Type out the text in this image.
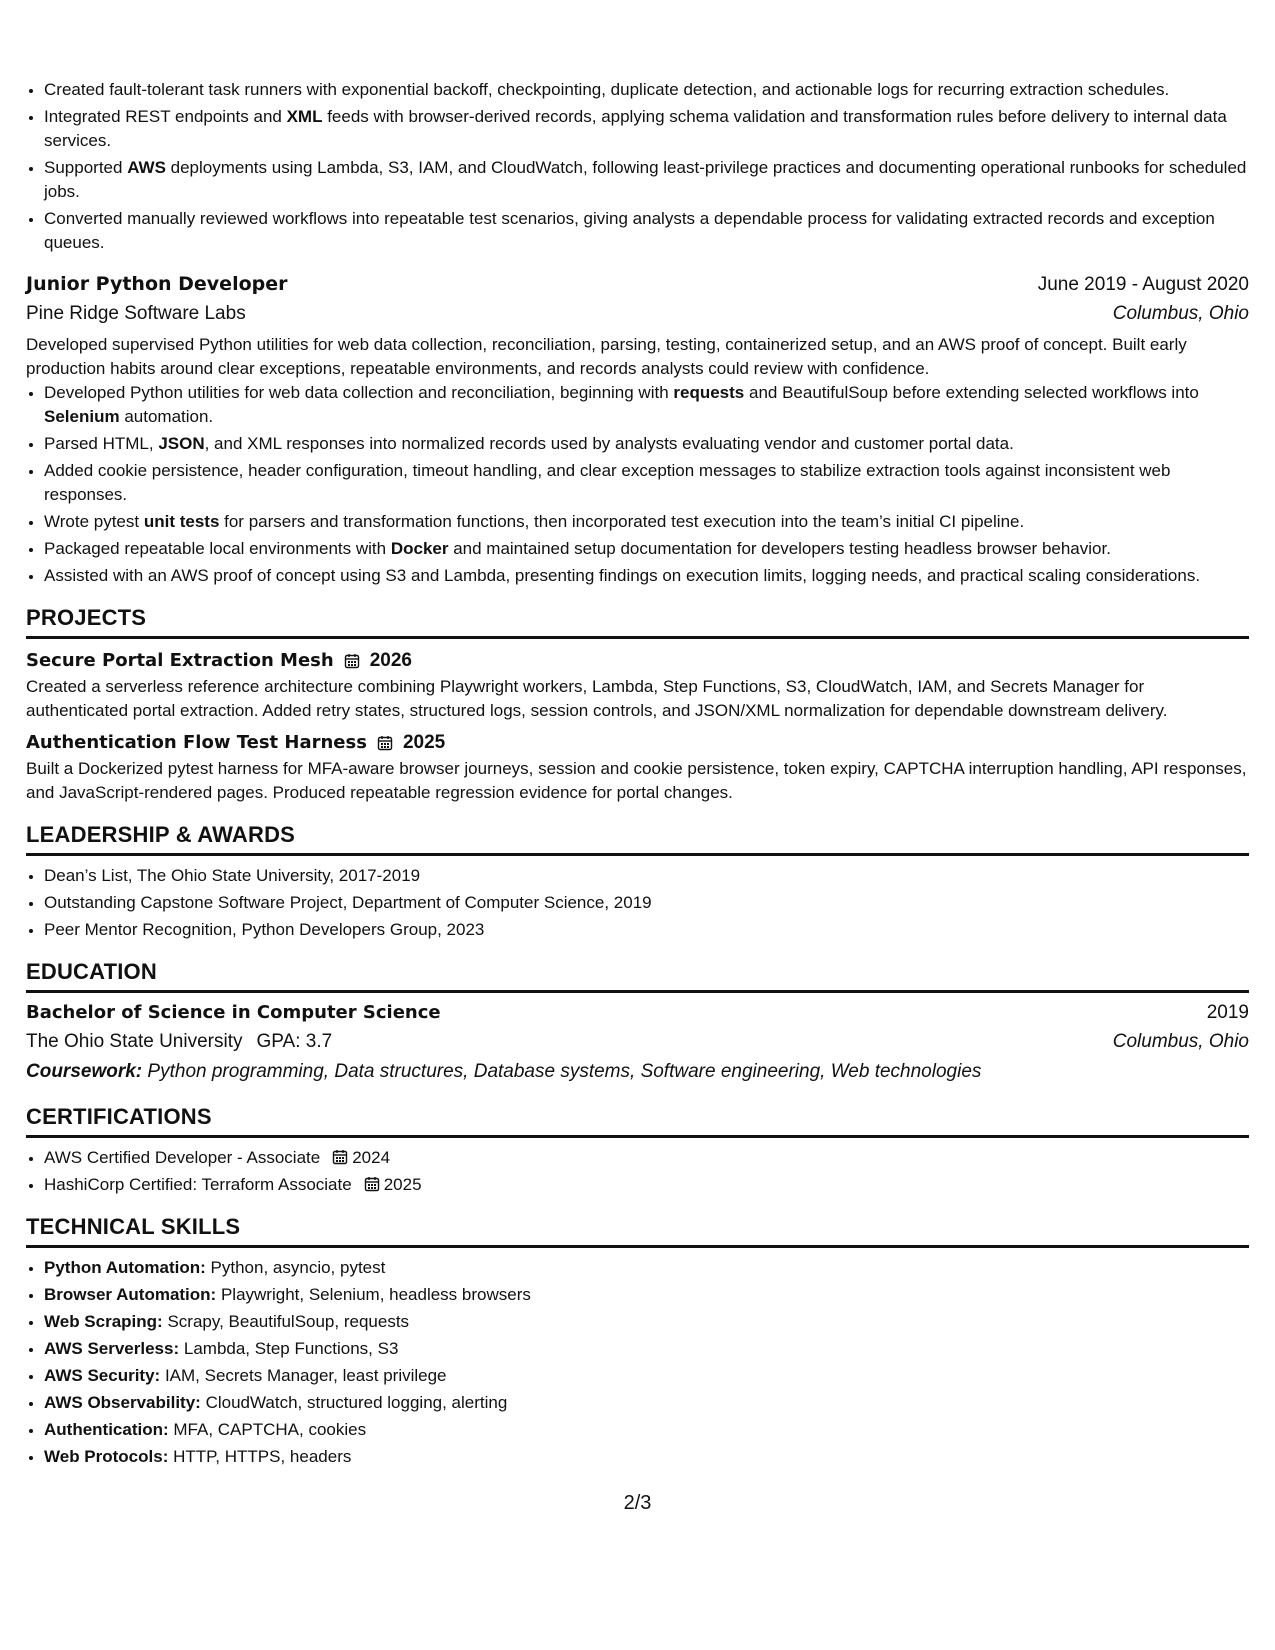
• Created fault-tolerant task runners with exponential backoff, checkpointing, duplicate detection, and actionable logs for recurring extraction schedules.
• Integrated REST endpoints and XML feeds with browser-derived records, applying schema validation and transformation rules before delivery to internal data services.
• Supported AWS deployments using Lambda, S3, IAM, and CloudWatch, following least-privilege practices and documenting operational runbooks for scheduled jobs.
• Converted manually reviewed workflows into repeatable test scenarios, giving analysts a dependable process for validating extracted records and exception queues.
Junior Python Developer	June 2019 - August 2020
Pine Ridge Software Labs	Columbus, Ohio
Developed supervised Python utilities for web data collection, reconciliation, parsing, testing, containerized setup, and an AWS proof of concept. Built early production habits around clear exceptions, repeatable environments, and records analysts could review with confidence.
• Developed Python utilities for web data collection and reconciliation, beginning with requests and BeautifulSoup before extending selected workflows into Selenium automation.
• Parsed HTML, JSON, and XML responses into normalized records used by analysts evaluating vendor and customer portal data.
• Added cookie persistence, header configuration, timeout handling, and clear exception messages to stabilize extraction tools against inconsistent web responses.
• Wrote pytest unit tests for parsers and transformation functions, then incorporated test execution into the team’s initial CI pipeline.
• Packaged repeatable local environments with Docker and maintained setup documentation for developers testing headless browser behavior.
• Assisted with an AWS proof of concept using S3 and Lambda, presenting findings on execution limits, logging needs, and practical scaling considerations.
PROJECTS
Secure Portal Extraction Mesh 2026
Created a serverless reference architecture combining Playwright workers, Lambda, Step Functions, S3, CloudWatch, IAM, and Secrets Manager for authenticated portal extraction. Added retry states, structured logs, session controls, and JSON/XML normalization for dependable downstream delivery.
Authentication Flow Test Harness 2025
Built a Dockerized pytest harness for MFA-aware browser journeys, session and cookie persistence, token expiry, CAPTCHA interruption handling, API responses, and JavaScript-rendered pages. Produced repeatable regression evidence for portal changes.
LEADERSHIP & AWARDS
• Dean’s List, The Ohio State University, 2017-2019
• Outstanding Capstone Software Project, Department of Computer Science, 2019
• Peer Mentor Recognition, Python Developers Group, 2023
EDUCATION
Bachelor of Science in Computer Science	2019
The Ohio State University GPA: 3.7	Columbus, Ohio
Coursework: Python programming, Data structures, Database systems, Software engineering, Web technologies
CERTIFICATIONS
• AWS Certified Developer - Associate 2024
• HashiCorp Certified: Terraform Associate 2025
TECHNICAL SKILLS
• Python Automation: Python, asyncio, pytest
• Browser Automation: Playwright, Selenium, headless browsers
• Web Scraping: Scrapy, BeautifulSoup, requests
• AWS Serverless: Lambda, Step Functions, S3
• AWS Security: IAM, Secrets Manager, least privilege
• AWS Observability: CloudWatch, structured logging, alerting
• Authentication: MFA, CAPTCHA, cookies
• Web Protocols: HTTP, HTTPS, headers
2/3
